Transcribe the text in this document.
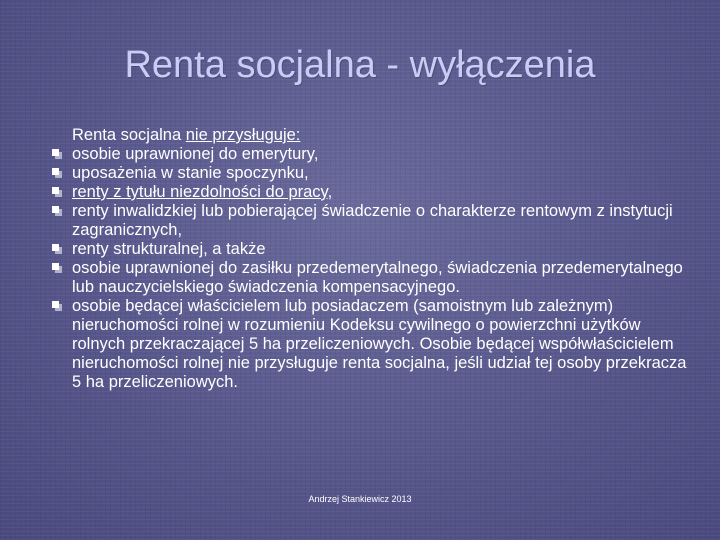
Renta socjalna - wyłączenia

Renta socjalna nie przysługuje:

osobie uprawnionej do emerytury,
uposażenia w stanie spoczynku,
renty z tytułu niezdolności do pracy,
renty inwalidzkiej lub pobierającej świadczenie o charakterze rentowym z instytucji zagranicznych,
renty strukturalnej, a także
osobie uprawnionej do zasiłku przedemerytalnego, świadczenia przedemerytalnego lub nauczycielskiego świadczenia kompensacyjnego.
osobie będącej właścicielem lub posiadaczem (samoistnym lub zależnym) nieruchomości rolnej w rozumieniu Kodeksu cywilnego o powierzchni użytków rolnych przekraczającej 5 ha przeliczeniowych. Osobie będącej współwłaścicielem nieruchomości rolnej nie przysługuje renta socjalna, jeśli udział tej osoby przekracza 5 ha przeliczeniowych.
Andrzej Stankiewicz 2013
